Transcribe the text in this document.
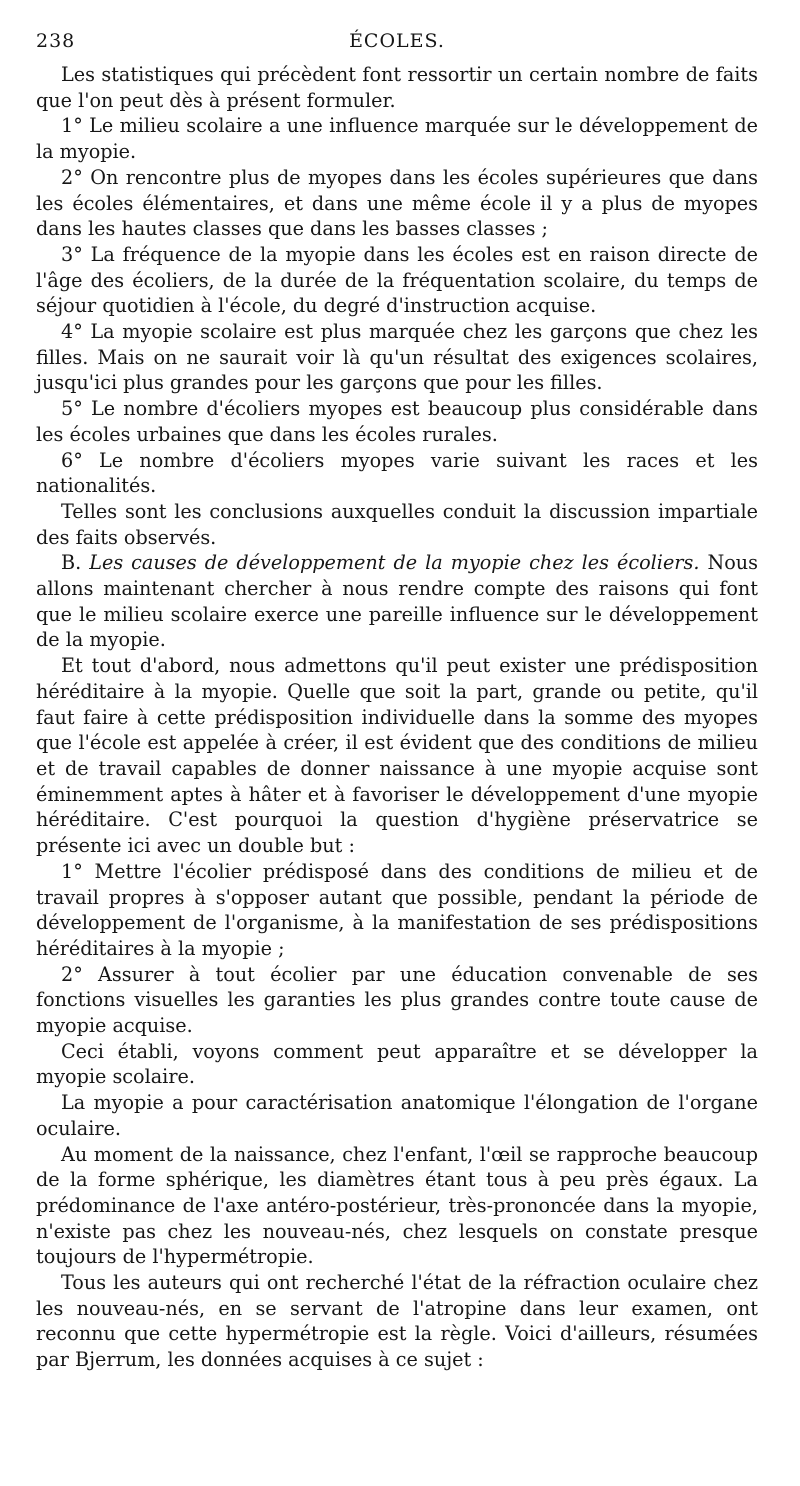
238	ÉCOLES.

Les statistiques qui précèdent font ressortir un certain nombre de faits que l'on peut dès à présent formuler.

1° Le milieu scolaire a une influence marquée sur le développement de la myopie.

2° On rencontre plus de myopes dans les écoles supérieures que dans les écoles élémentaires, et dans une même école il y a plus de myopes dans les hautes classes que dans les basses classes ;

3° La fréquence de la myopie dans les écoles est en raison directe de l'âge des écoliers, de la durée de la fréquentation scolaire, du temps de séjour quotidien à l'école, du degré d'instruction acquise.

4° La myopie scolaire est plus marquée chez les garçons que chez les filles. Mais on ne saurait voir là qu'un résultat des exigences scolaires, jusqu'ici plus grandes pour les garçons que pour les filles.

5° Le nombre d'écoliers myopes est beaucoup plus considérable dans les écoles urbaines que dans les écoles rurales.

6° Le nombre d'écoliers myopes varie suivant les races et les nationalités.

Telles sont les conclusions auxquelles conduit la discussion impartiale des faits observés.

B. Les causes de développement de la myopie chez les écoliers. Nous allons maintenant chercher à nous rendre compte des raisons qui font que le milieu scolaire exerce une pareille influence sur le développement de la myopie.

Et tout d'abord, nous admettons qu'il peut exister une prédisposition héréditaire à la myopie. Quelle que soit la part, grande ou petite, qu'il faut faire à cette prédisposition individuelle dans la somme des myopes que l'école est appelée à créer, il est évident que des conditions de milieu et de travail capables de donner naissance à une myopie acquise sont éminemment aptes à hâter et à favoriser le développement d'une myopie héréditaire. C'est pourquoi la question d'hygiène préservatrice se présente ici avec un double but :

1° Mettre l'écolier prédisposé dans des conditions de milieu et de travail propres à s'opposer autant que possible, pendant la période de développement de l'organisme, à la manifestation de ses prédispositions héréditaires à la myopie ;

2° Assurer à tout écolier par une éducation convenable de ses fonctions visuelles les garanties les plus grandes contre toute cause de myopie acquise.

Ceci établi, voyons comment peut apparaître et se développer la myopie scolaire.

La myopie a pour caractérisation anatomique l'élongation de l'organe oculaire.

Au moment de la naissance, chez l'enfant, l'œil se rapproche beaucoup de la forme sphérique, les diamètres étant tous à peu près égaux. La prédominance de l'axe antéro-postérieur, très-prononcée dans la myopie, n'existe pas chez les nouveau-nés, chez lesquels on constate presque toujours de l'hypermétropie.

Tous les auteurs qui ont recherché l'état de la réfraction oculaire chez les nouveau-nés, en se servant de l'atropine dans leur examen, ont reconnu que cette hypermétropie est la règle. Voici d'ailleurs, résumées par Bjerrum, les données acquises à ce sujet :
